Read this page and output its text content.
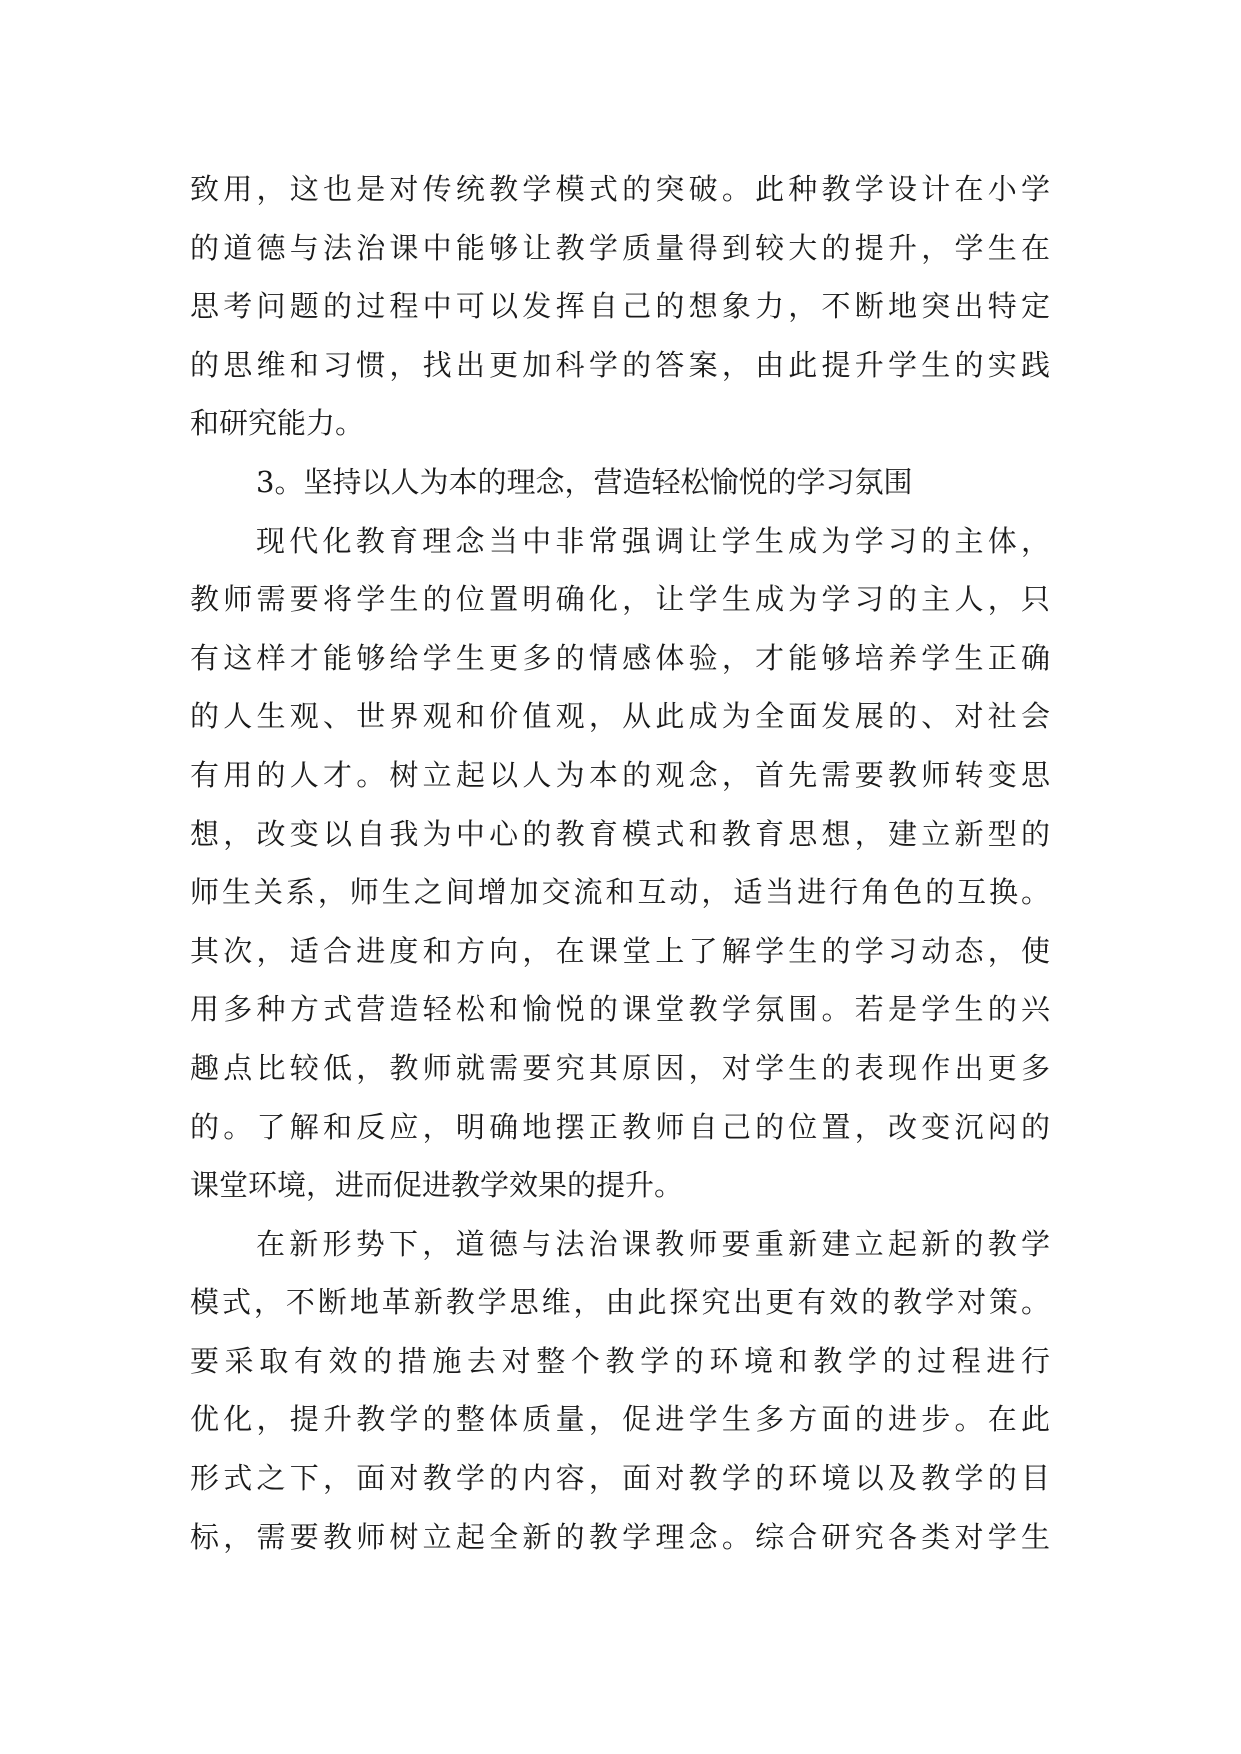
致用，这也是对传统教学模式的突破。此种教学设计在小学
的道德与法治课中能够让教学质量得到较大的提升，学生在
思考问题的过程中可以发挥自己的想象力，不断地突出特定
的思维和习惯，找出更加科学的答案，由此提升学生的实践
和研究能力。
3。坚持以人为本的理念，营造轻松愉悦的学习氛围
现代化教育理念当中非常强调让学生成为学习的主体，
教师需要将学生的位置明确化，让学生成为学习的主人，只
有这样才能够给学生更多的情感体验，才能够培养学生正确
的人生观、世界观和价值观，从此成为全面发展的、对社会
有用的人才。树立起以人为本的观念，首先需要教师转变思
想，改变以自我为中心的教育模式和教育思想，建立新型的
师生关系，师生之间增加交流和互动，适当进行角色的互换。
其次，适合进度和方向，在课堂上了解学生的学习动态，使
用多种方式营造轻松和愉悦的课堂教学氛围。若是学生的兴
趣点比较低，教师就需要究其原因，对学生的表现作出更多
的。了解和反应，明确地摆正教师自己的位置，改变沉闷的
课堂环境，进而促进教学效果的提升。
在新形势下，道德与法治课教师要重新建立起新的教学
模式，不断地革新教学思维，由此探究出更有效的教学对策。
要采取有效的措施去对整个教学的环境和教学的过程进行
优化，提升教学的整体质量，促进学生多方面的进步。在此
形式之下，面对教学的内容，面对教学的环境以及教学的目
标，需要教师树立起全新的教学理念。综合研究各类对学生
